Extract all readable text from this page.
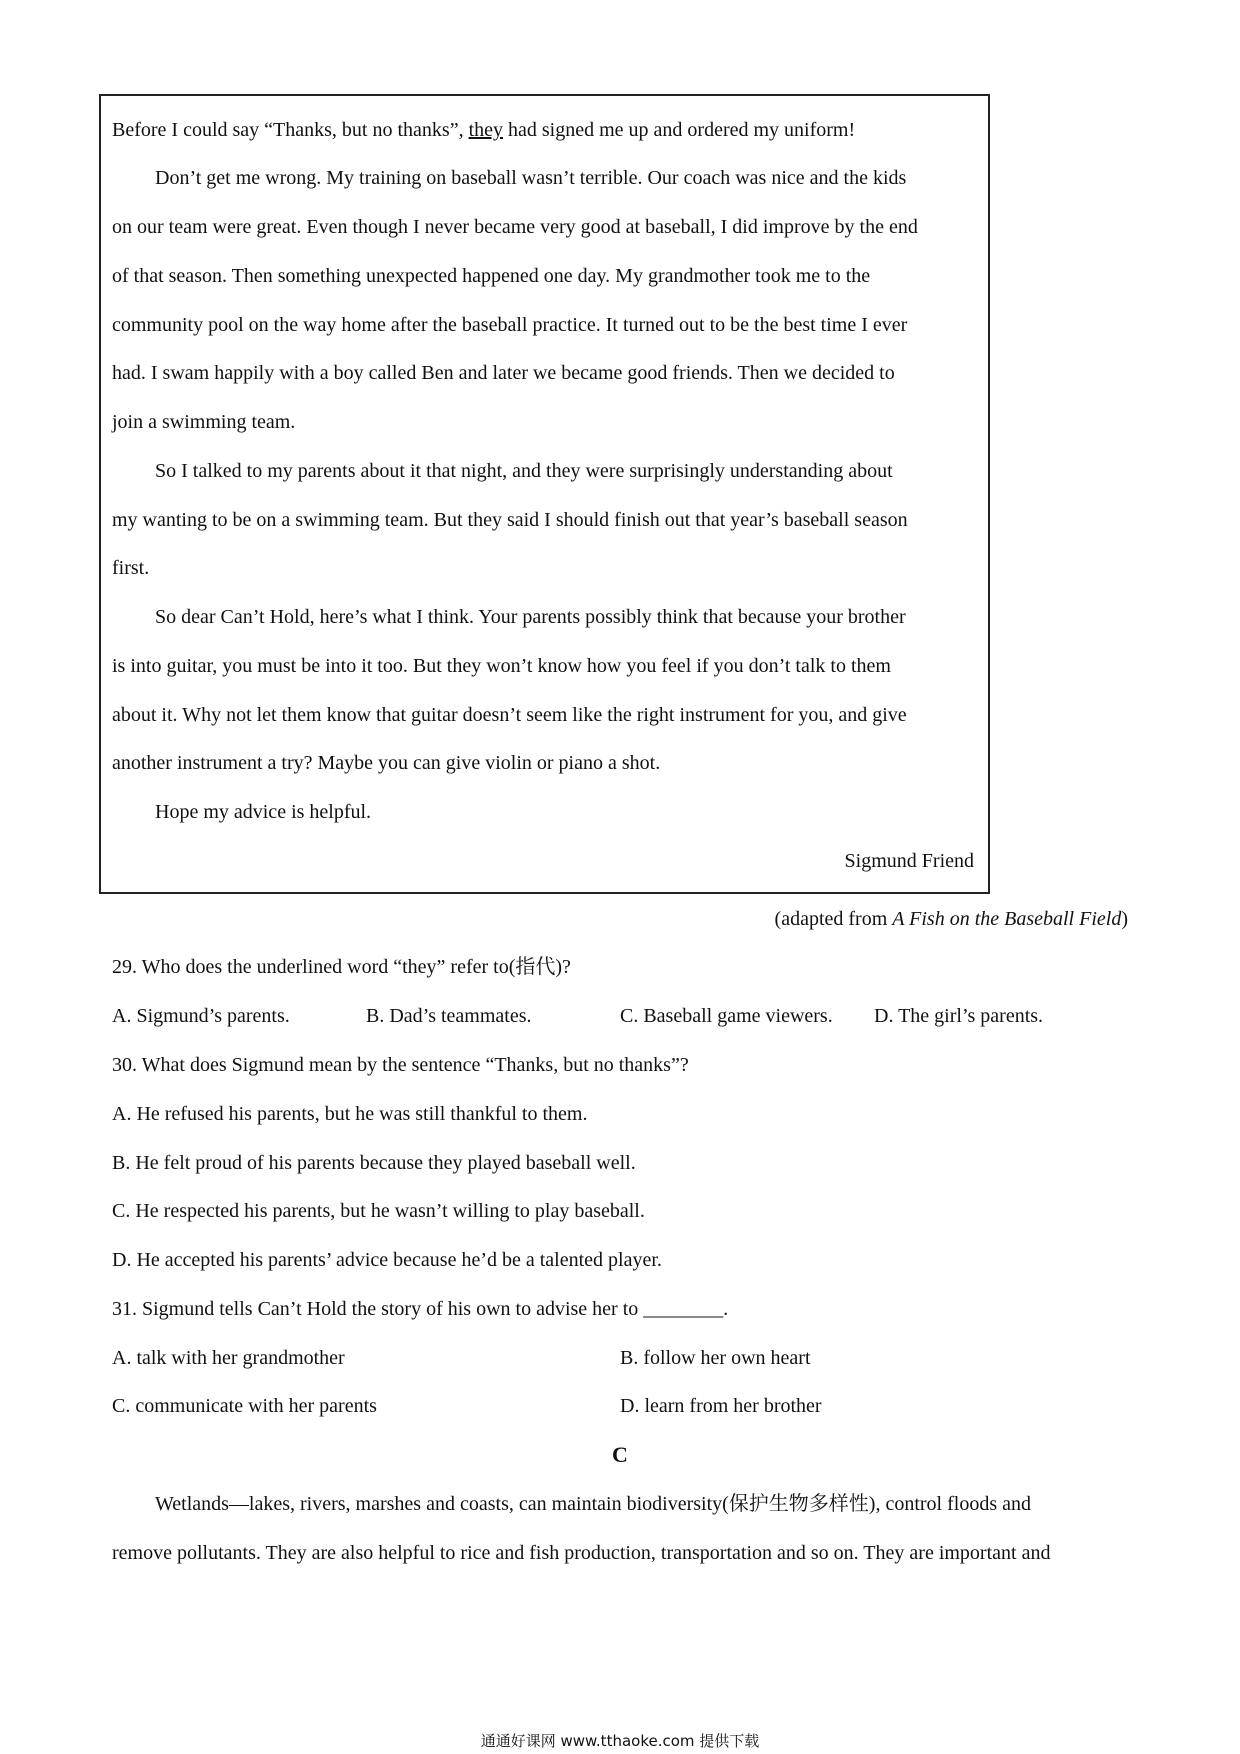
Before I could say “Thanks, but no thanks”, they had signed me up and ordered my uniform!
Don’t get me wrong. My training on baseball wasn’t terrible. Our coach was nice and the kids
on our team were great. Even though I never became very good at baseball, I did improve by the end
of that season. Then something unexpected happened one day. My grandmother took me to the
community pool on the way home after the baseball practice. It turned out to be the best time I ever
had. I swam happily with a boy called Ben and later we became good friends. Then we decided to
join a swimming team.
So I talked to my parents about it that night, and they were surprisingly understanding about
my wanting to be on a swimming team. But they said I should finish out that year’s baseball season
first.
So dear Can’t Hold, here’s what I think. Your parents possibly think that because your brother
is into guitar, you must be into it too. But they won’t know how you feel if you don’t talk to them
about it. Why not let them know that guitar doesn’t seem like the right instrument for you, and give
another instrument a try? Maybe you can give violin or piano a shot.
Hope my advice is helpful.
Sigmund Friend
(adapted from A Fish on the Baseball Field)
29. Who does the underlined word “they” refer to(指代)?
A. Sigmund’s parents.	B. Dad’s teammates.	C. Baseball game viewers. D. The girl’s parents.
30. What does Sigmund mean by the sentence “Thanks, but no thanks”?
A. He refused his parents, but he was still thankful to them.
B. He felt proud of his parents because they played baseball well.
C. He respected his parents, but he wasn’t willing to play baseball.
D. He accepted his parents’ advice because he’d be a talented player.
31. Sigmund tells Can’t Hold the story of his own to advise her to ________.
A. talk with her grandmother	B. follow her own heart
C. communicate with her parents	D. learn from her brother
C
Wetlands—lakes, rivers, marshes and coasts, can maintain biodiversity(保护生物多样性), control floods and
remove pollutants. They are also helpful to rice and fish production, transportation and so on. They are important and
通通好课网 www.tthaoke.com 提供下载
